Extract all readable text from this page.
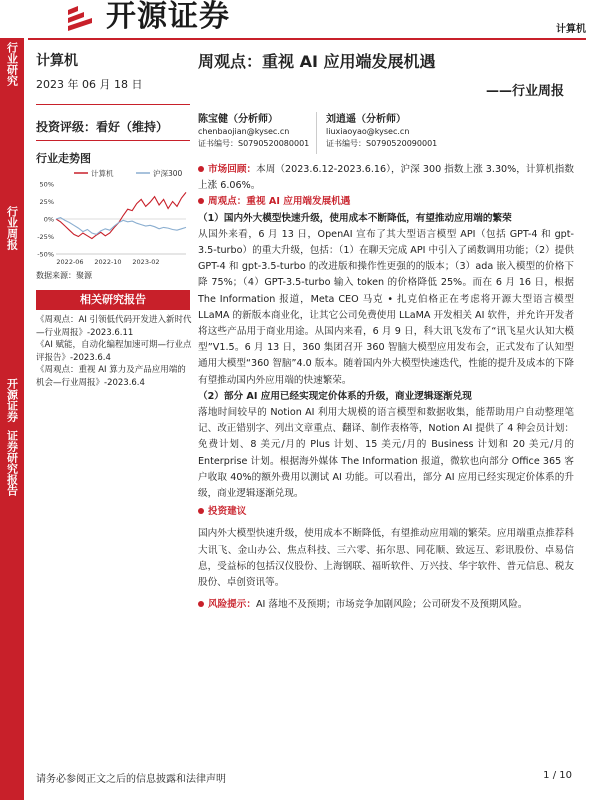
开源证券	计算机
行业研究
行业周报
开源证券
证券研究报告
计算机
2023 年 06 月 18 日
投资评级：看好（维持）
行业走势图
计算机	沪深300
50%
25%
0%
-25%
-50%
2022-06 2022-10 2023-02
数据来源：聚源
相关研究报告
《周观点：AI 引领低代码开发进入新时代 —行业周报》-2023.6.11
《AI 赋能，自动化编程加速可期—行业点评报告》-2023.6.4
《周观点：重视 AI 算力及产品应用端的机会—行业周报》-2023.6.4
周观点：重视 AI 应用端发展机遇
——行业周报
陈宝健（分析师）
chenbaojian@kysec.cn
证书编号：S0790520080001
刘逍遥（分析师）
liuxiaoyao@kysec.cn
证书编号：S0790520090001

市场回顾：本周（2023.6.12-2023.6.16），沪深 300 指数上涨 3.30%，计算机指数上涨 6.06%。

周观点：重视 AI 应用端发展机遇

（1）国内外大模型快速升级，使用成本不断降低，有望推动应用端的繁荣

从国外来看，6 月 13 日，OpenAI 宣布了其大型语言模型 API（包括 GPT-4 和 gpt-3.5-turbo）的重大升级，包括：（1）在聊天完成 API 中引入了函数调用功能；（2）提供 GPT-4 和 gpt-3.5-turbo 的改进版和操作性更强的的版本；（3）ada 嵌入模型的价格下降 75%；（4）GPT-3.5-turbo 输入 token 的价格降低 25%。而在 6 月 16 日，根据 The Information 报道，Meta CEO 马克 • 扎克伯格正在考虑将开源大型语言模型 LLaMA 的新版本商业化，让其它公司免费使用 LLaMA 开发相关 AI 软件，并允许开发者将这些产品用于商业用途。从国内来看，6 月 9 日，科大讯飞发布了“讯飞星火认知大模型”V1.5。6 月 13 日，360 集团召开 360 智脑大模型应用发布会，正式发布了认知型通用大模型“360 智脑”4.0 版本。随着国内外大模型快速迭代，性能的提升及成本的下降有望推动国内外应用端的快速繁荣。

（2）部分 AI 应用已经实现定价体系的升级，商业逻辑逐渐兑现

落地时间较早的 Notion AI 利用大规模的语言模型和数据收集，能帮助用户自动整理笔记、改正错别字、列出文章重点、翻译、制作表格等，Notion AI 提供了 4 种会员计划：免费计划、8 美元/月的 Plus 计划、15 美元/月的 Business 计划和 20 美元/月的 Enterprise 计划。根据海外媒体 The Information 报道，微软也向部分 Office 365 客户收取 40%的额外费用以测试 AI 功能。可以看出，部分 AI 应用已经实现定价体系的升级，商业逻辑逐渐兑现。

投资建议

国内外大模型快速升级，使用成本不断降低，有望推动应用端的繁荣。应用端重点推荐科大讯飞、金山办公、焦点科技、三六零、拓尔思、同花顺、致远互、彩讯股份、卓易信息，受益标的包括汉仪股份、上海钢联、福昕软件、万兴技、华宇软件、普元信息、税友股份、卓创资讯等。

风险提示：AI 落地不及预期；市场竞争加剧风险；公司研发不及预期风险。

请务必参阅正文之后的信息披露和法律声明	1 / 10
